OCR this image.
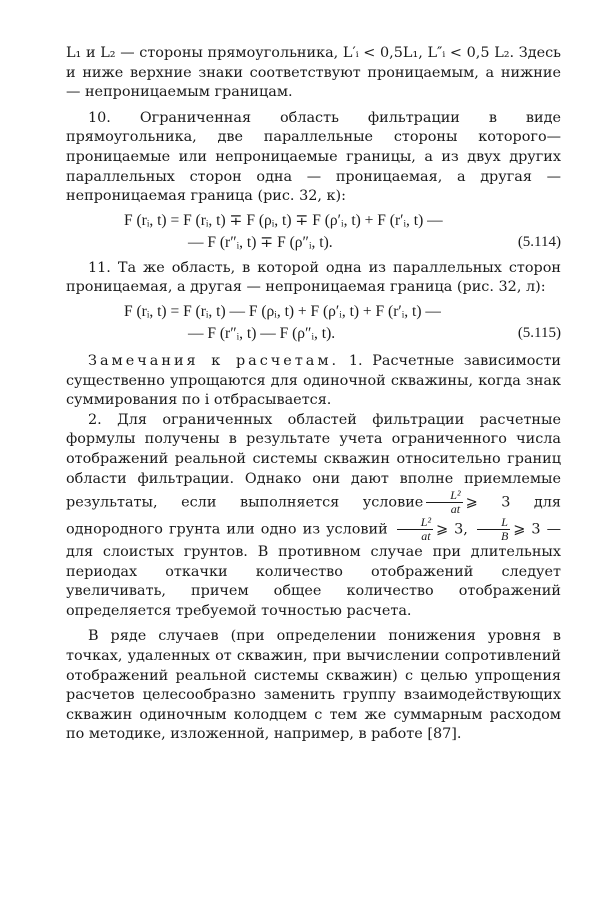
L₁ и L₂ — стороны прямоугольника, L′ᵢ < 0,5L₁, L″ᵢ < 0,5 L₂. Здесь и ниже верхние знаки соответствуют проницаемым, а нижние — непроницаемым границам.

10. Ограниченная область фильтрации в виде прямоугольника, две параллельные стороны которого— проницаемые или непроницаемые границы, а из двух других параллельных сторон одна — проницаемая, а другая — непроницаемая граница (рис. 32, к):

F (rᵢ, t) = F (rᵢ, t) ∓ F (ρᵢ, t) ∓ F (ρ′ᵢ, t) + F (r′ᵢ, t) —
— F (r″ᵢ, t) ∓ F (ρ″ᵢ, t).	(5.114)

11. Та же область, в которой одна из параллельных сторон проницаемая, а другая — непроницаемая граница (рис. 32, л):

F (rᵢ, t) = F (rᵢ, t) — F (ρᵢ, t) + F (ρ′ᵢ, t) + F (r′ᵢ, t) —
— F (r″ᵢ, t) — F (ρ″ᵢ, t).	(5.115)

Замечания к расчетам. 1. Расчетные зависимости существенно упрощаются для одиночной скважины, когда знак суммирования по i отбрасывается.

2. Для ограниченных областей фильтрации расчетные формулы получены в результате учета ограниченного числа отображений реальной системы скважин относительно границ области фильтрации. Однако они дают вполне приемлемые результаты, если выполняется условие $\frac{\text{L²}}{at}$ ⩾ 3 для однородного грунта или одно из условий $\frac{\text{L²}}{at}$ ⩾ 3, $\frac{L}{B}$ ⩾ 3 — для слоистых грунтов. В противном случае при длительных периодах откачки количество отображений следует увеличивать, причем общее количество отображений определяется требуемой точностью расчета.

В ряде случаев (при определении понижения уровня в точках, удаленных от скважин, при вычислении сопротивлений отображений реальной системы скважин) с целью упрощения расчетов целесообразно заменить группу взаимодействующих скважин одиночным колодцем с тем же суммарным расходом по методике, изложенной, например, в работе [87].
